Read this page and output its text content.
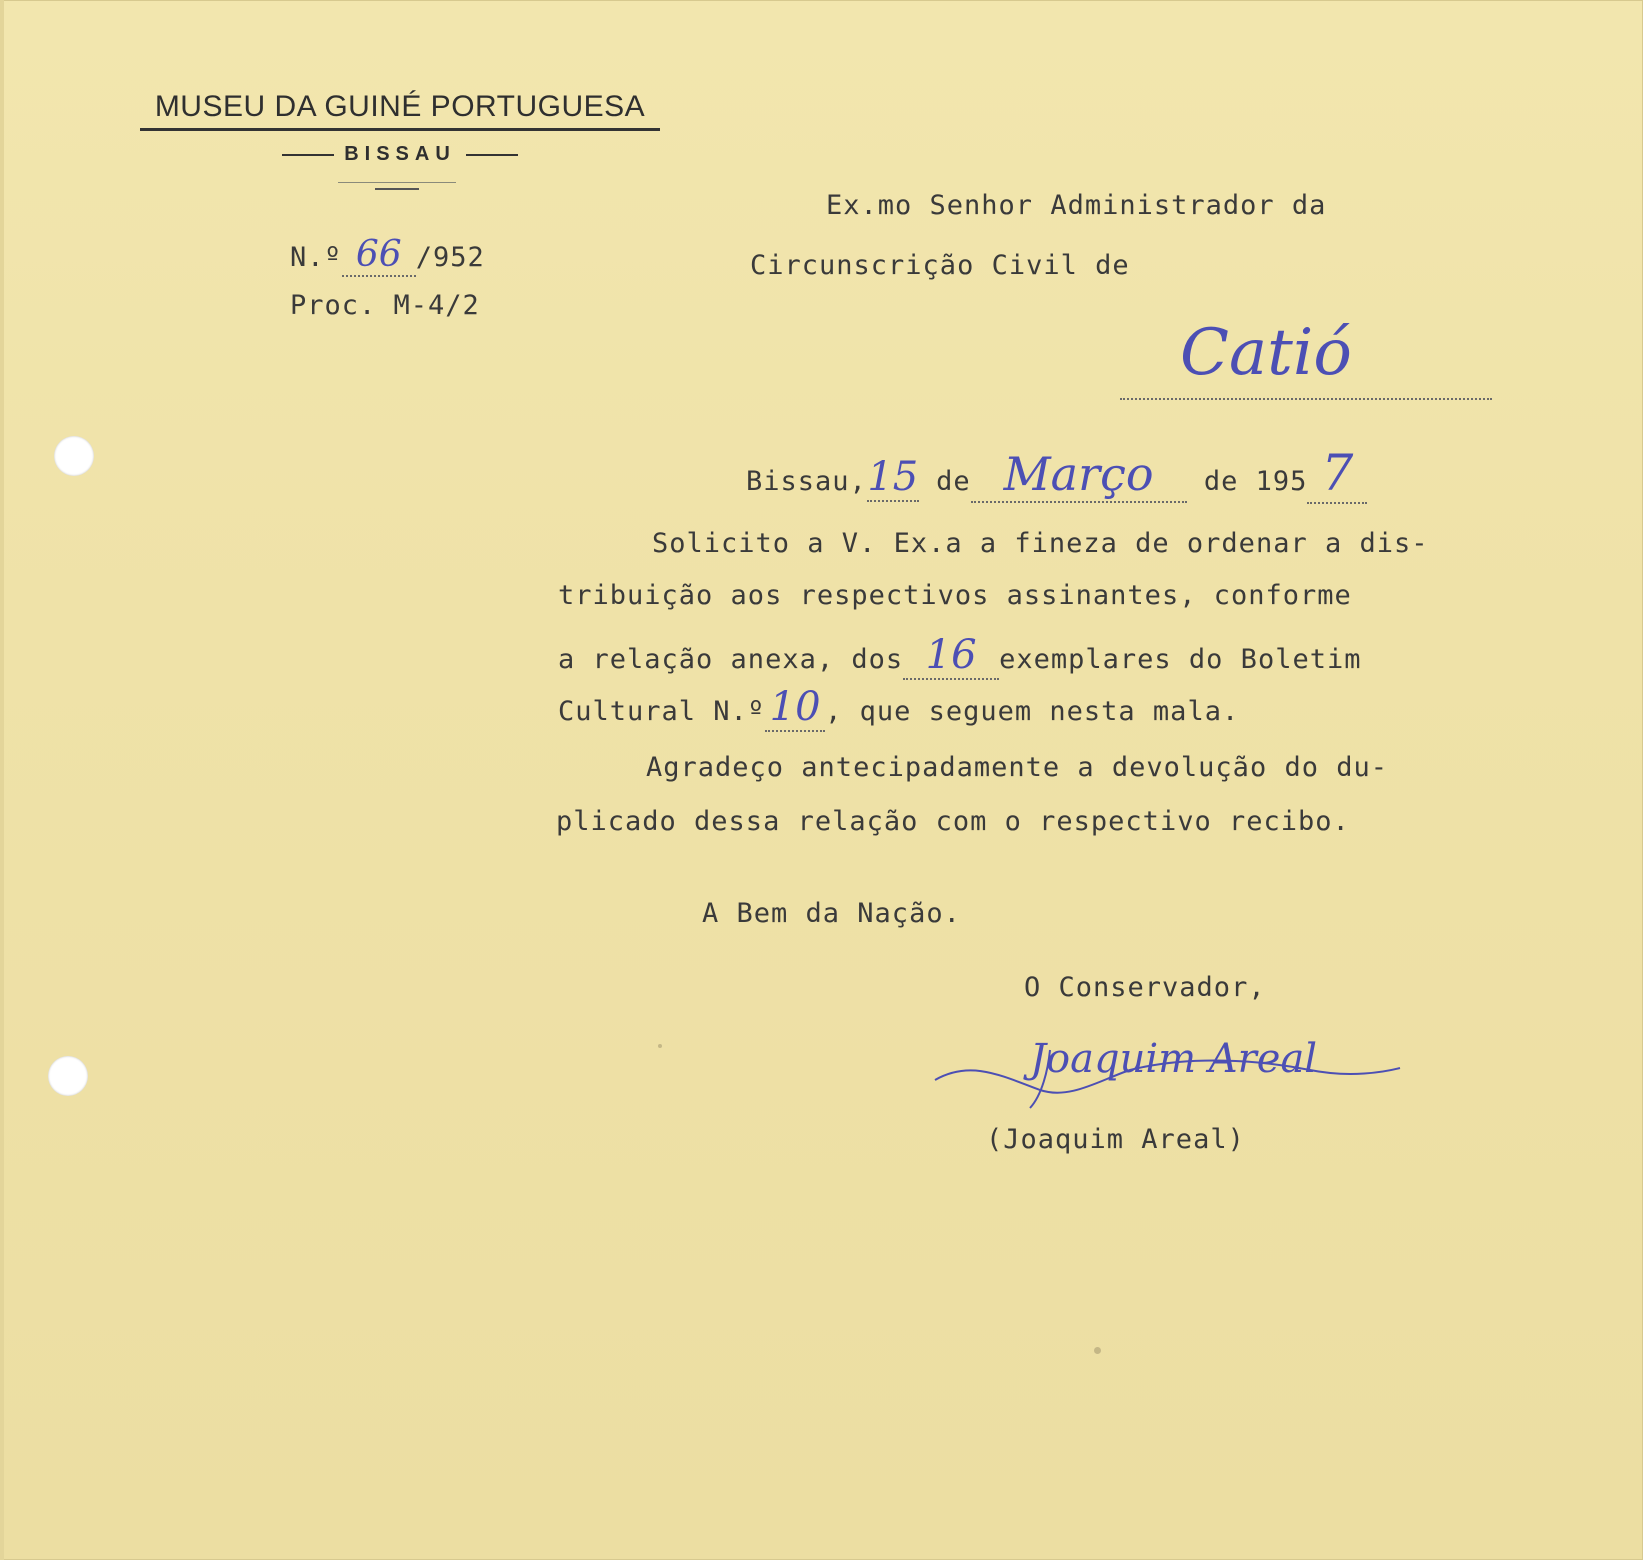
MUSEU DA GUINÉ PORTUGUESA
BISSAU
N.º 66 /952
Proc. M-4/2
Ex.mo Senhor Administrador da
Circunscrição Civil de
Catió
Bissau,15 de Março de 195 7
Solicito a V. Ex.a a fineza de ordenar a dis-
tribuição aos respectivos assinantes, conforme
a relação anexa, dos 16 exemplares do Boletim
Cultural N.º 10 , que seguem nesta mala.
Agradeço antecipadamente a devolução do du-
plicado dessa relação com o respectivo recibo.
A Bem da Nação.
O Conservador,
Joaquim Areal
(Joaquim Areal)
